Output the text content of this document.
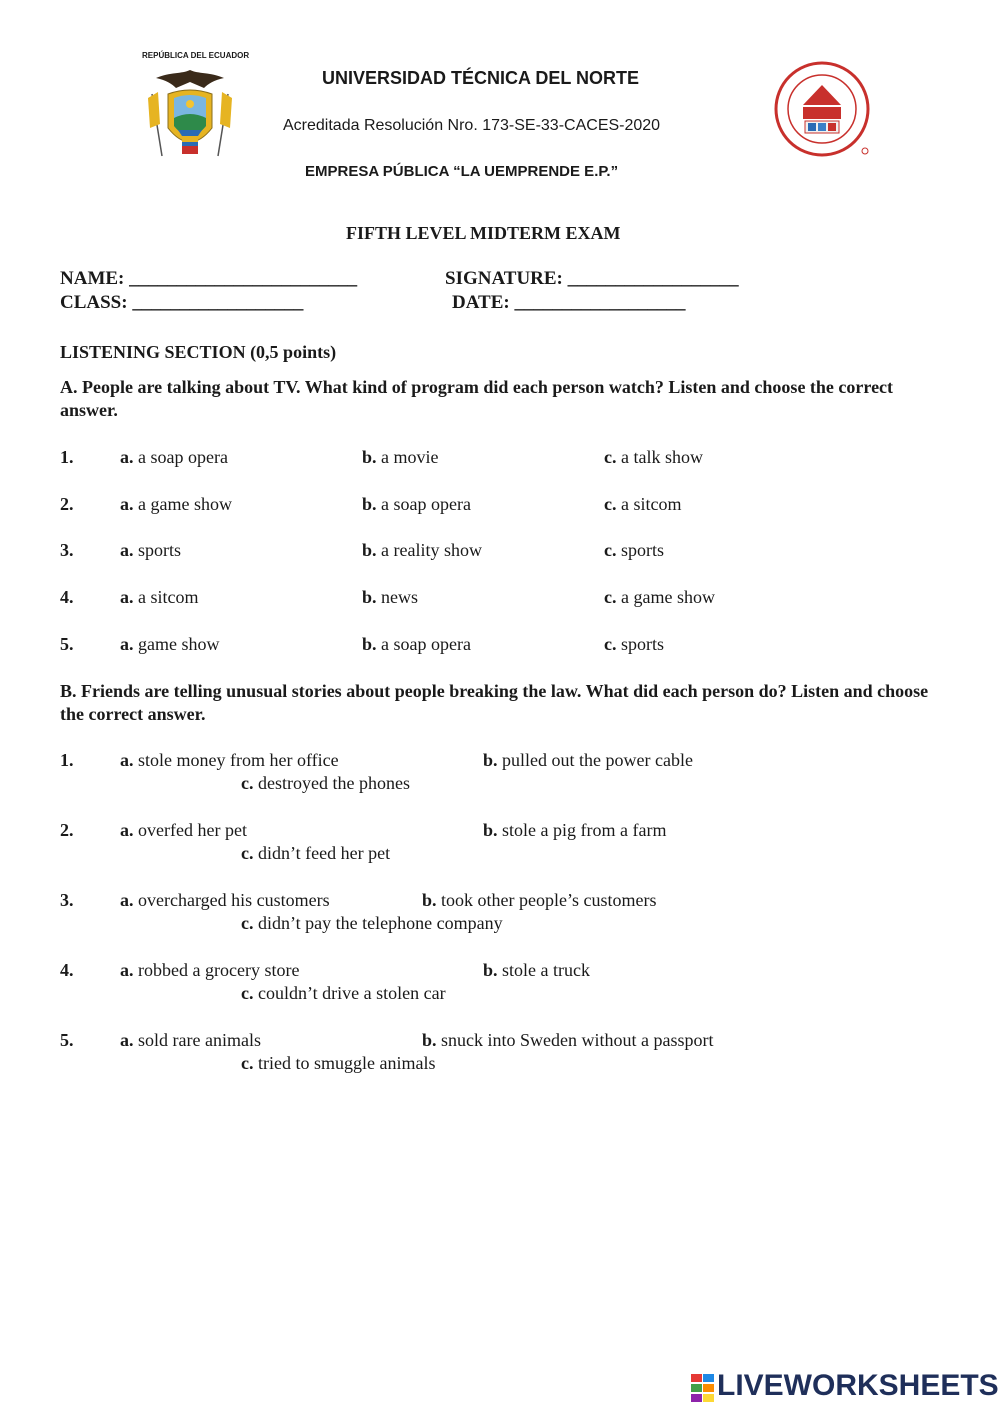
REPÚBLICA DEL ECUADOR
UNIVERSIDAD TÉCNICA DEL NORTE
Acreditada Resolución Nro. 173-SE-33-CACES-2020
EMPRESA PÚBLICA “LA UEMPRENDE E.P.”
FIFTH LEVEL MIDTERM EXAM
NAME: ________________________	SIGNATURE: __________________
CLASS: __________________	DATE: __________________
LISTENING SECTION (0,5 points)
A. People are talking about TV. What kind of program did each person watch? Listen and choose the correct answer.
1.	a. a soap opera	b. a movie	c. a talk show
2.	a. a game show	b. a soap opera	c. a sitcom
3.	a. sports	b. a reality show	c. sports
4.	a. a sitcom	b. news	c. a game show
5.	a. game show	b. a soap opera	c. sports
B. Friends are telling unusual stories about people breaking the law. What did each person do? Listen and choose the correct answer.
1.	a. stole money from her office	b. pulled out the power cable
c. destroyed the phones
2.	a. overfed her pet	b. stole a pig from a farm
c. didn’t feed her pet
3.	a. overcharged his customers	b. took other people’s customers
c. didn’t pay the telephone company
4.	a. robbed a grocery store	b. stole a truck
c. couldn’t drive a stolen car
5.	a. sold rare animals	b. snuck into Sweden without a passport
c. tried to smuggle animals
LIVEWORKSHEETS
